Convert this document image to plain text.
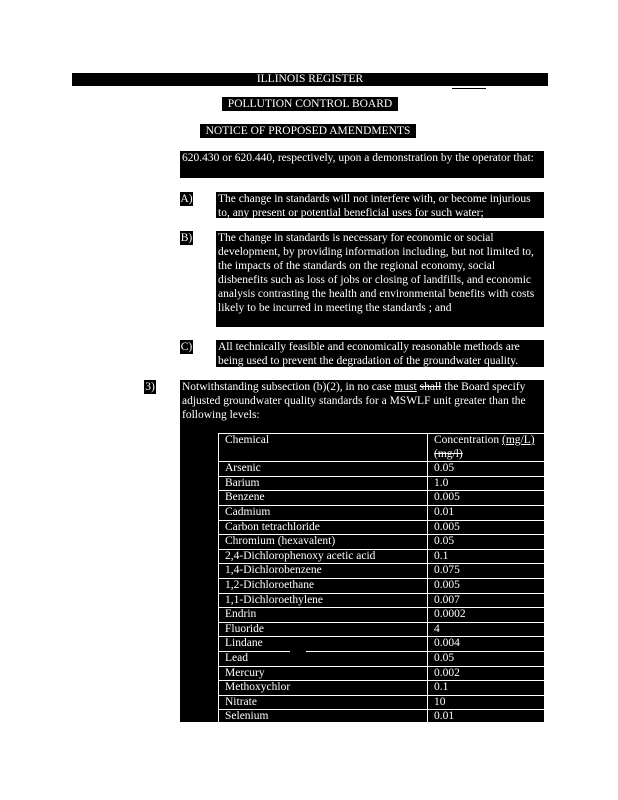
ILLINOIS REGISTER
POLLUTION CONTROL BOARD
NOTICE OF PROPOSED AMENDMENTS
620.430 or 620.440, respectively, upon a demonstration by the operator that:
A) The change in standards will not interfere with, or become injurious to, any present or potential beneficial uses for such water;
B) The change in standards is necessary for economic or social development, by providing information including, but not limited to, the impacts of the standards on the regional economy, social disbenefits such as loss of jobs or closing of landfills, and economic analysis contrasting the health and environmental benefits with costs likely to be incurred in meeting the standards ; and
C) All technically feasible and economically reasonable methods are being used to prevent the degradation of the groundwater quality.
3) Notwithstanding subsection (b)(2), in no case must shall the Board specify adjusted groundwater quality standards for a MSWLF unit greater than the following levels:
Chemical	Concentration (mg/L)
(mg/l)
Arsenic	0.05
Barium	1.0
Benzene	0.005
Cadmium	0.01
Carbon tetrachloride	0.005
Chromium (hexavalent)	0.05
2,4-Dichlorophenoxy acetic acid	0.1
1,4-Dichlorobenzene	0.075
1,2-Dichloroethane	0.005
1,1-Dichloroethylene	0.007
Endrin	0.0002
Fluoride	4
Lindane	0.004
Lead	0.05
Mercury	0.002
Methoxychlor	0.1
Nitrate	10
Selenium	0.01
